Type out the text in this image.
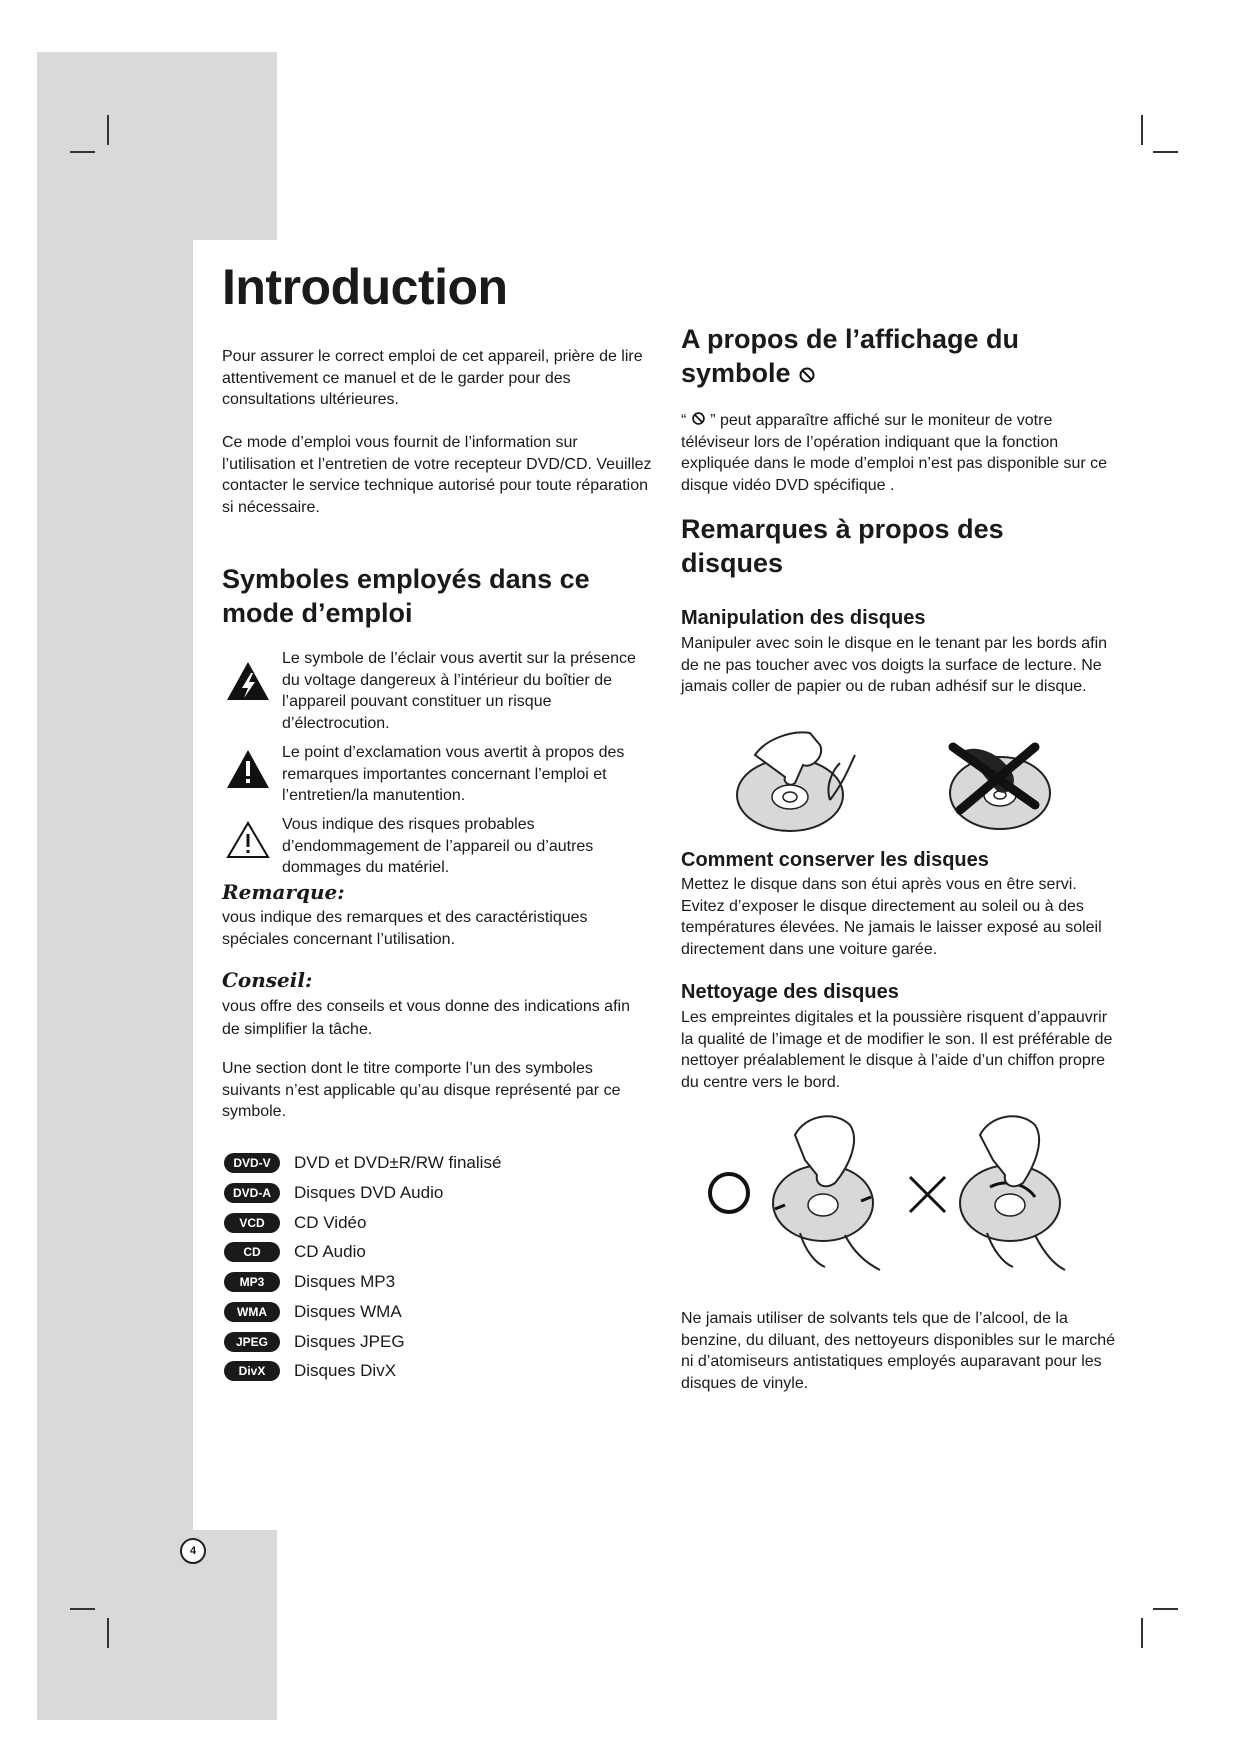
Introduction

Pour assurer le correct emploi de cet appareil, prière de lire attentivement ce manuel et de le garder pour des consultations ultérieures.

Ce mode d’emploi vous fournit de l’information sur l’utilisation et l’entretien de votre recepteur DVD/CD. Veuillez contacter le service technique autorisé pour toute réparation si nécessaire.

Symboles employés dans ce mode d’emploi

Le symbole de l’éclair vous avertit sur la présence du voltage dangereux à l’intérieur du boîtier de l’appareil pouvant constituer un risque d’électrocution.

Le point d’exclamation vous avertit à propos des remarques importantes concernant l’emploi et l’entretien/la manutention.

Vous indique des risques probables d’endommagement de l’appareil ou d’autres dommages du matériel.

Remarque:

vous indique des remarques et des caractéristiques spéciales concernant l’utilisation.

Conseil:

vous offre des conseils et vous donne des indications afin de simplifier la tâche.

Une section dont le titre comporte l’un des symboles suivants n’est applicable qu’au disque représenté par ce symbole.

DVD-V	DVD et DVD±R/RW finalisé
DVD-A	Disques DVD Audio
VCD	CD Vidéo
CD	CD Audio
MP3	Disques MP3
WMA	Disques WMA
JPEG	Disques JPEG
DivX	Disques DivX
A propos de l’affichage du
symbole

“ ” peut apparaître affiché sur le moniteur de votre téléviseur lors de l’opération indiquant que la fonction expliquée dans le mode d’emploi n’est pas disponible sur ce disque vidéo DVD spécifique .

Remarques à propos des disques
Manipulation des disques

Manipuler avec soin le disque en le tenant par les bords afin de ne pas toucher avec vos doigts la surface de lecture. Ne jamais coller de papier ou de ruban adhésif sur le disque.

Comment conserver les disques

Mettez le disque dans son étui après vous en être servi. Evitez d’exposer le disque directement au soleil ou à des températures élevées. Ne jamais le laisser exposé au soleil directement dans une voiture garée.

Nettoyage des disques

Les empreintes digitales et la poussière risquent d’appauvrir la qualité de l’image et de modifier le son. Il est préférable de nettoyer préalablement le disque à l’aide d’un chiffon propre du centre vers le bord.

Ne jamais utiliser de solvants tels que de l’alcool, de la benzine, du diluant, des nettoyeurs disponibles sur le marché ni d’atomiseurs antistatiques employés auparavant pour les disques de vinyle.

4
